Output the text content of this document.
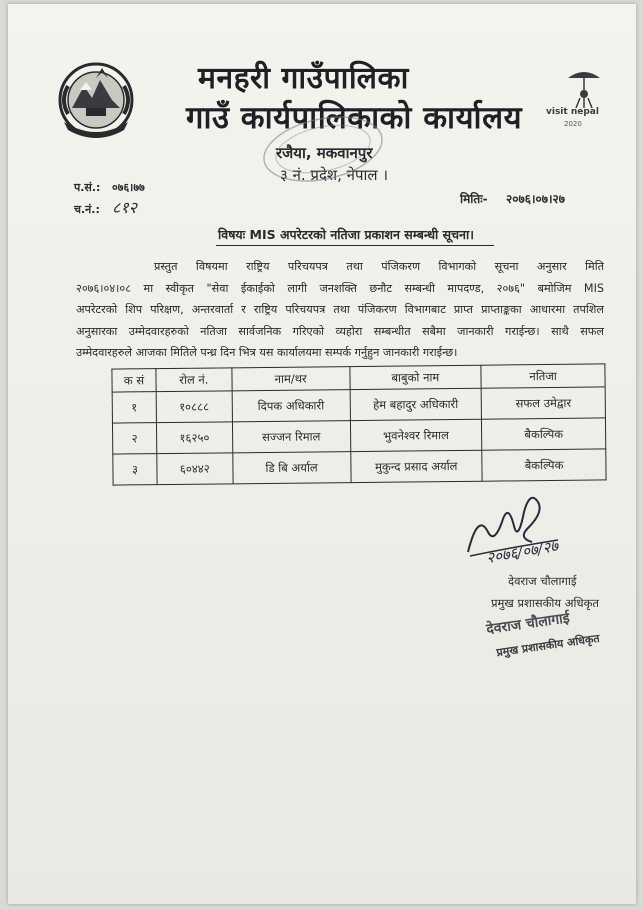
visit nepal
2020
मनहरी गाउँपालिका
गाउँ कार्यपालिकाको कार्यालय
रजैया, मकवानपुर
३ नं. प्रदेश, नेपाल ।
प.सं.: ०७६।७७
च.नं.: ८१२	मितिः- २०७६।०७।२७
विषयः MIS अपरेटरको नतिजा प्रकाशन सम्बन्धी सूचना।
प्रस्तुत विषयमा राष्ट्रिय परिचयपत्र तथा पंजिकरण विभागको सूचना अनुसार मिति
२०७६।०४।०८ मा स्वीकृत "सेवा ईकाईको लागी जनशक्ति छनौट सम्बन्धी मापदण्ड, २०७६" बमोजिम MIS
अपरेटरको शिप परिक्षण, अन्तरवार्ता र राष्ट्रिय परिचयपत्र तथा पंजिकरण विभागबाट प्राप्त प्राप्ताङ्कका आधारमा तपशिल
अनुसारका उम्मेदवारहरुको नतिजा सार्वजनिक गरिएको व्यहोरा सम्बन्धीत सबैमा जानकारी गराईन्छ। साथै सफल
उम्मेदवारहरुले आजका मितिले पन्ध्र दिन भित्र यस कार्यालयमा सम्पर्क गर्नुहुन जानकारी गराईन्छ।
क सं	रोल नं.	नाम/थर	बाबुको नाम	नतिजा
१	१०८८८	दिपक अधिकारी	हेम बहादुर अधिकारी	सफल उमेद्वार
२	१६२५०	सज्जन रिमाल	भुवनेश्वर रिमाल	बैकल्पिक
३	६०४४२	डि बि अर्याल	मुकुन्द प्रसाद अर्याल	बैकल्पिक
२०७६/०७/२७
देवराज चौलागाई
प्रमुख प्रशासकीय अधिकृत
देवराज चौलागाई
प्रमुख प्रशासकीय अधिकृत
